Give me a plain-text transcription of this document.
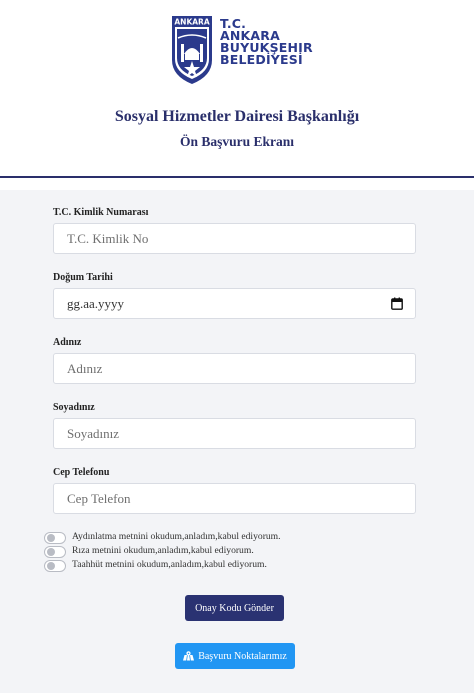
ANKARA T.C.
ANKARA
BUYUKŞEHIR
BELEDİYESİ
Sosyal Hizmetler Dairesi Başkanlığı
Ön Başvuru Ekranı
T.C. Kimlik Numarası
T.C. Kimlik No
Doğum Tarihi
gg.aa.yyyy
Adınız
Adınız
Soyadınız
Soyadınız
Cep Telefonu
Cep Telefon
Aydınlatma metnini okudum,anladım,kabul ediyorum.
Rıza metnini okudum,anladım,kabul ediyorum.
Taahhüt metnini okudum,anladım,kabul ediyorum.
Onay Kodu Gönder
Başvuru Noktalarımız
